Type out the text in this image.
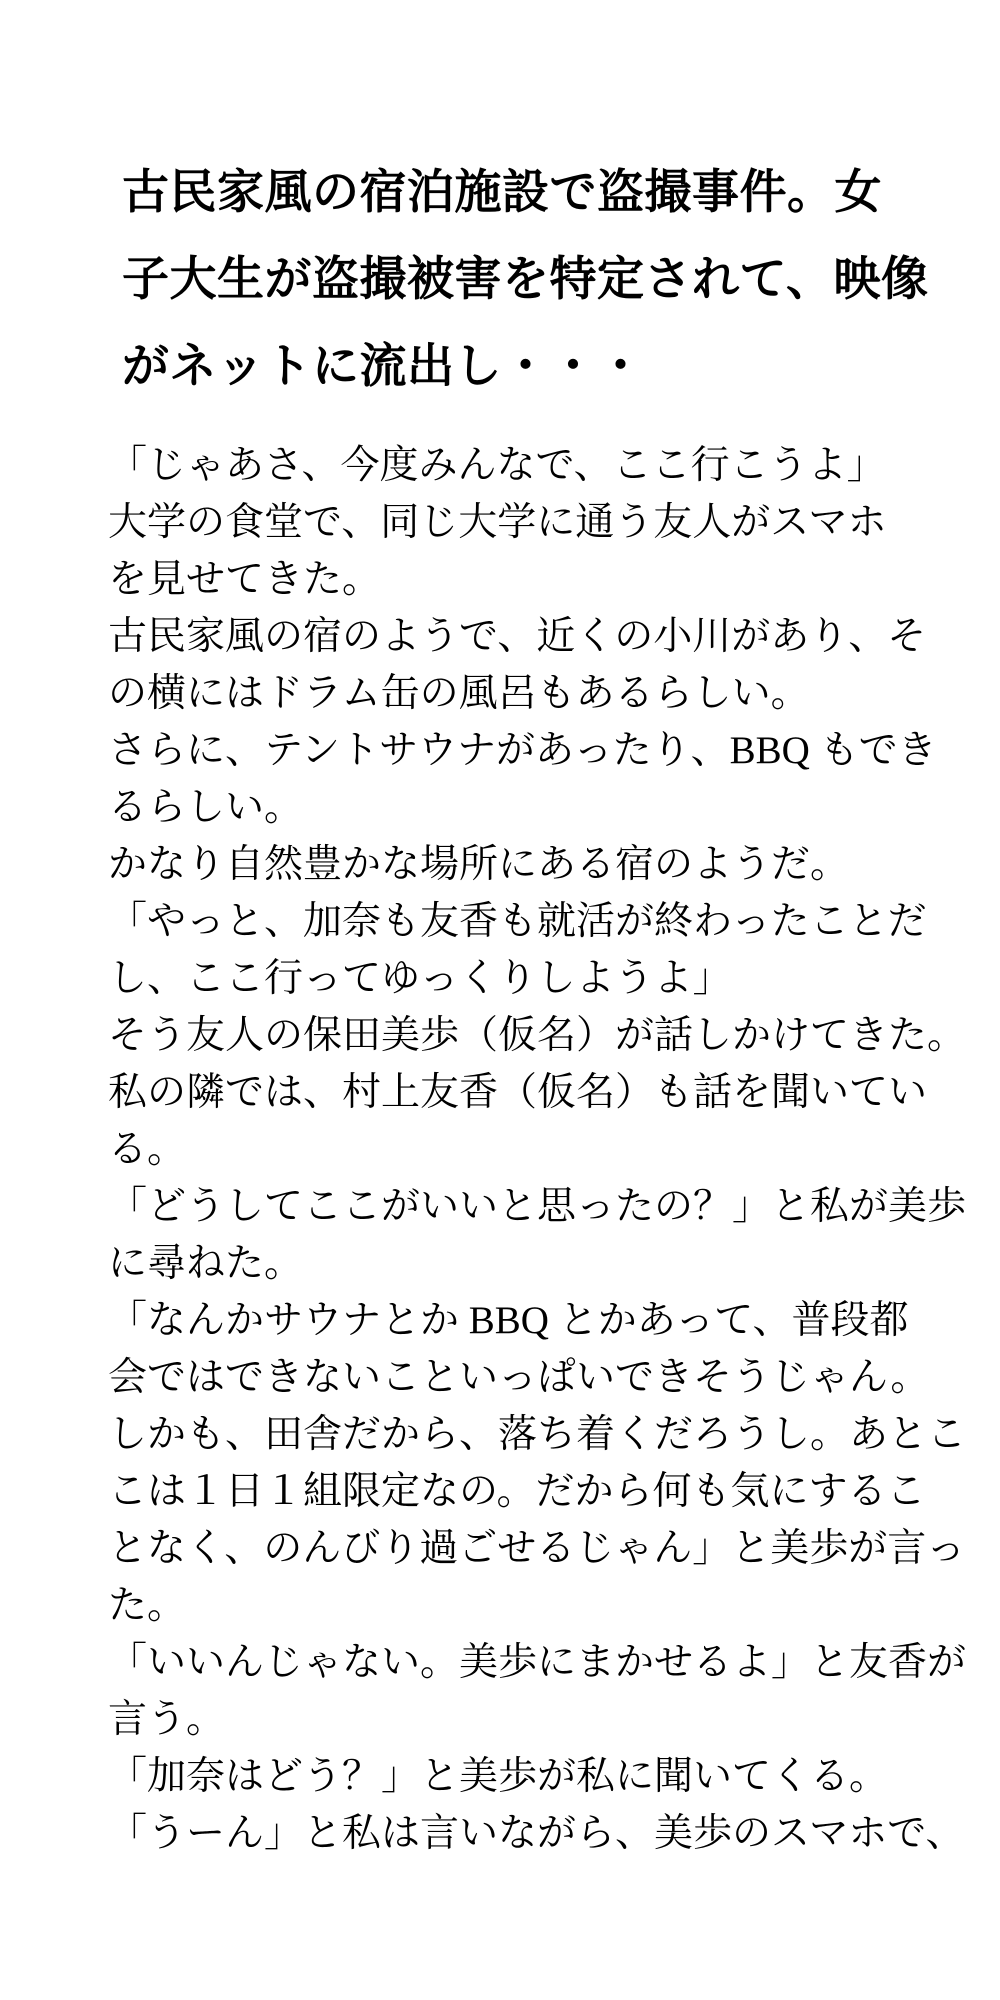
古民家風の宿泊施設で盗撮事件。女
子大生が盗撮被害を特定されて、映像
がネットに流出し・・・
「じゃあさ、今度みんなで、ここ行こうよ」
大学の食堂で、同じ大学に通う友人がスマホ
を見せてきた。
古民家風の宿のようで、近くの小川があり、そ
の横にはドラム缶の風呂もあるらしい。
さらに、テントサウナがあったり、BBQ もでき
るらしい。
かなり自然豊かな場所にある宿のようだ。
「やっと、加奈も友香も就活が終わったことだ
し、ここ行ってゆっくりしようよ」
そう友人の保田美歩（仮名）が話しかけてきた。
私の隣では、村上友香（仮名）も話を聞いてい
る。
「どうしてここがいいと思ったの？」と私が美歩
に尋ねた。
「なんかサウナとか BBQ とかあって、普段都
会ではできないこといっぱいできそうじゃん。
しかも、田舎だから、落ち着くだろうし。あとこ
こは１日１組限定なの。だから何も気にするこ
となく、のんびり過ごせるじゃん」と美歩が言っ
た。
「いいんじゃない。美歩にまかせるよ」と友香が
言う。
「加奈はどう？」と美歩が私に聞いてくる。
「うーん」と私は言いながら、美歩のスマホで、
